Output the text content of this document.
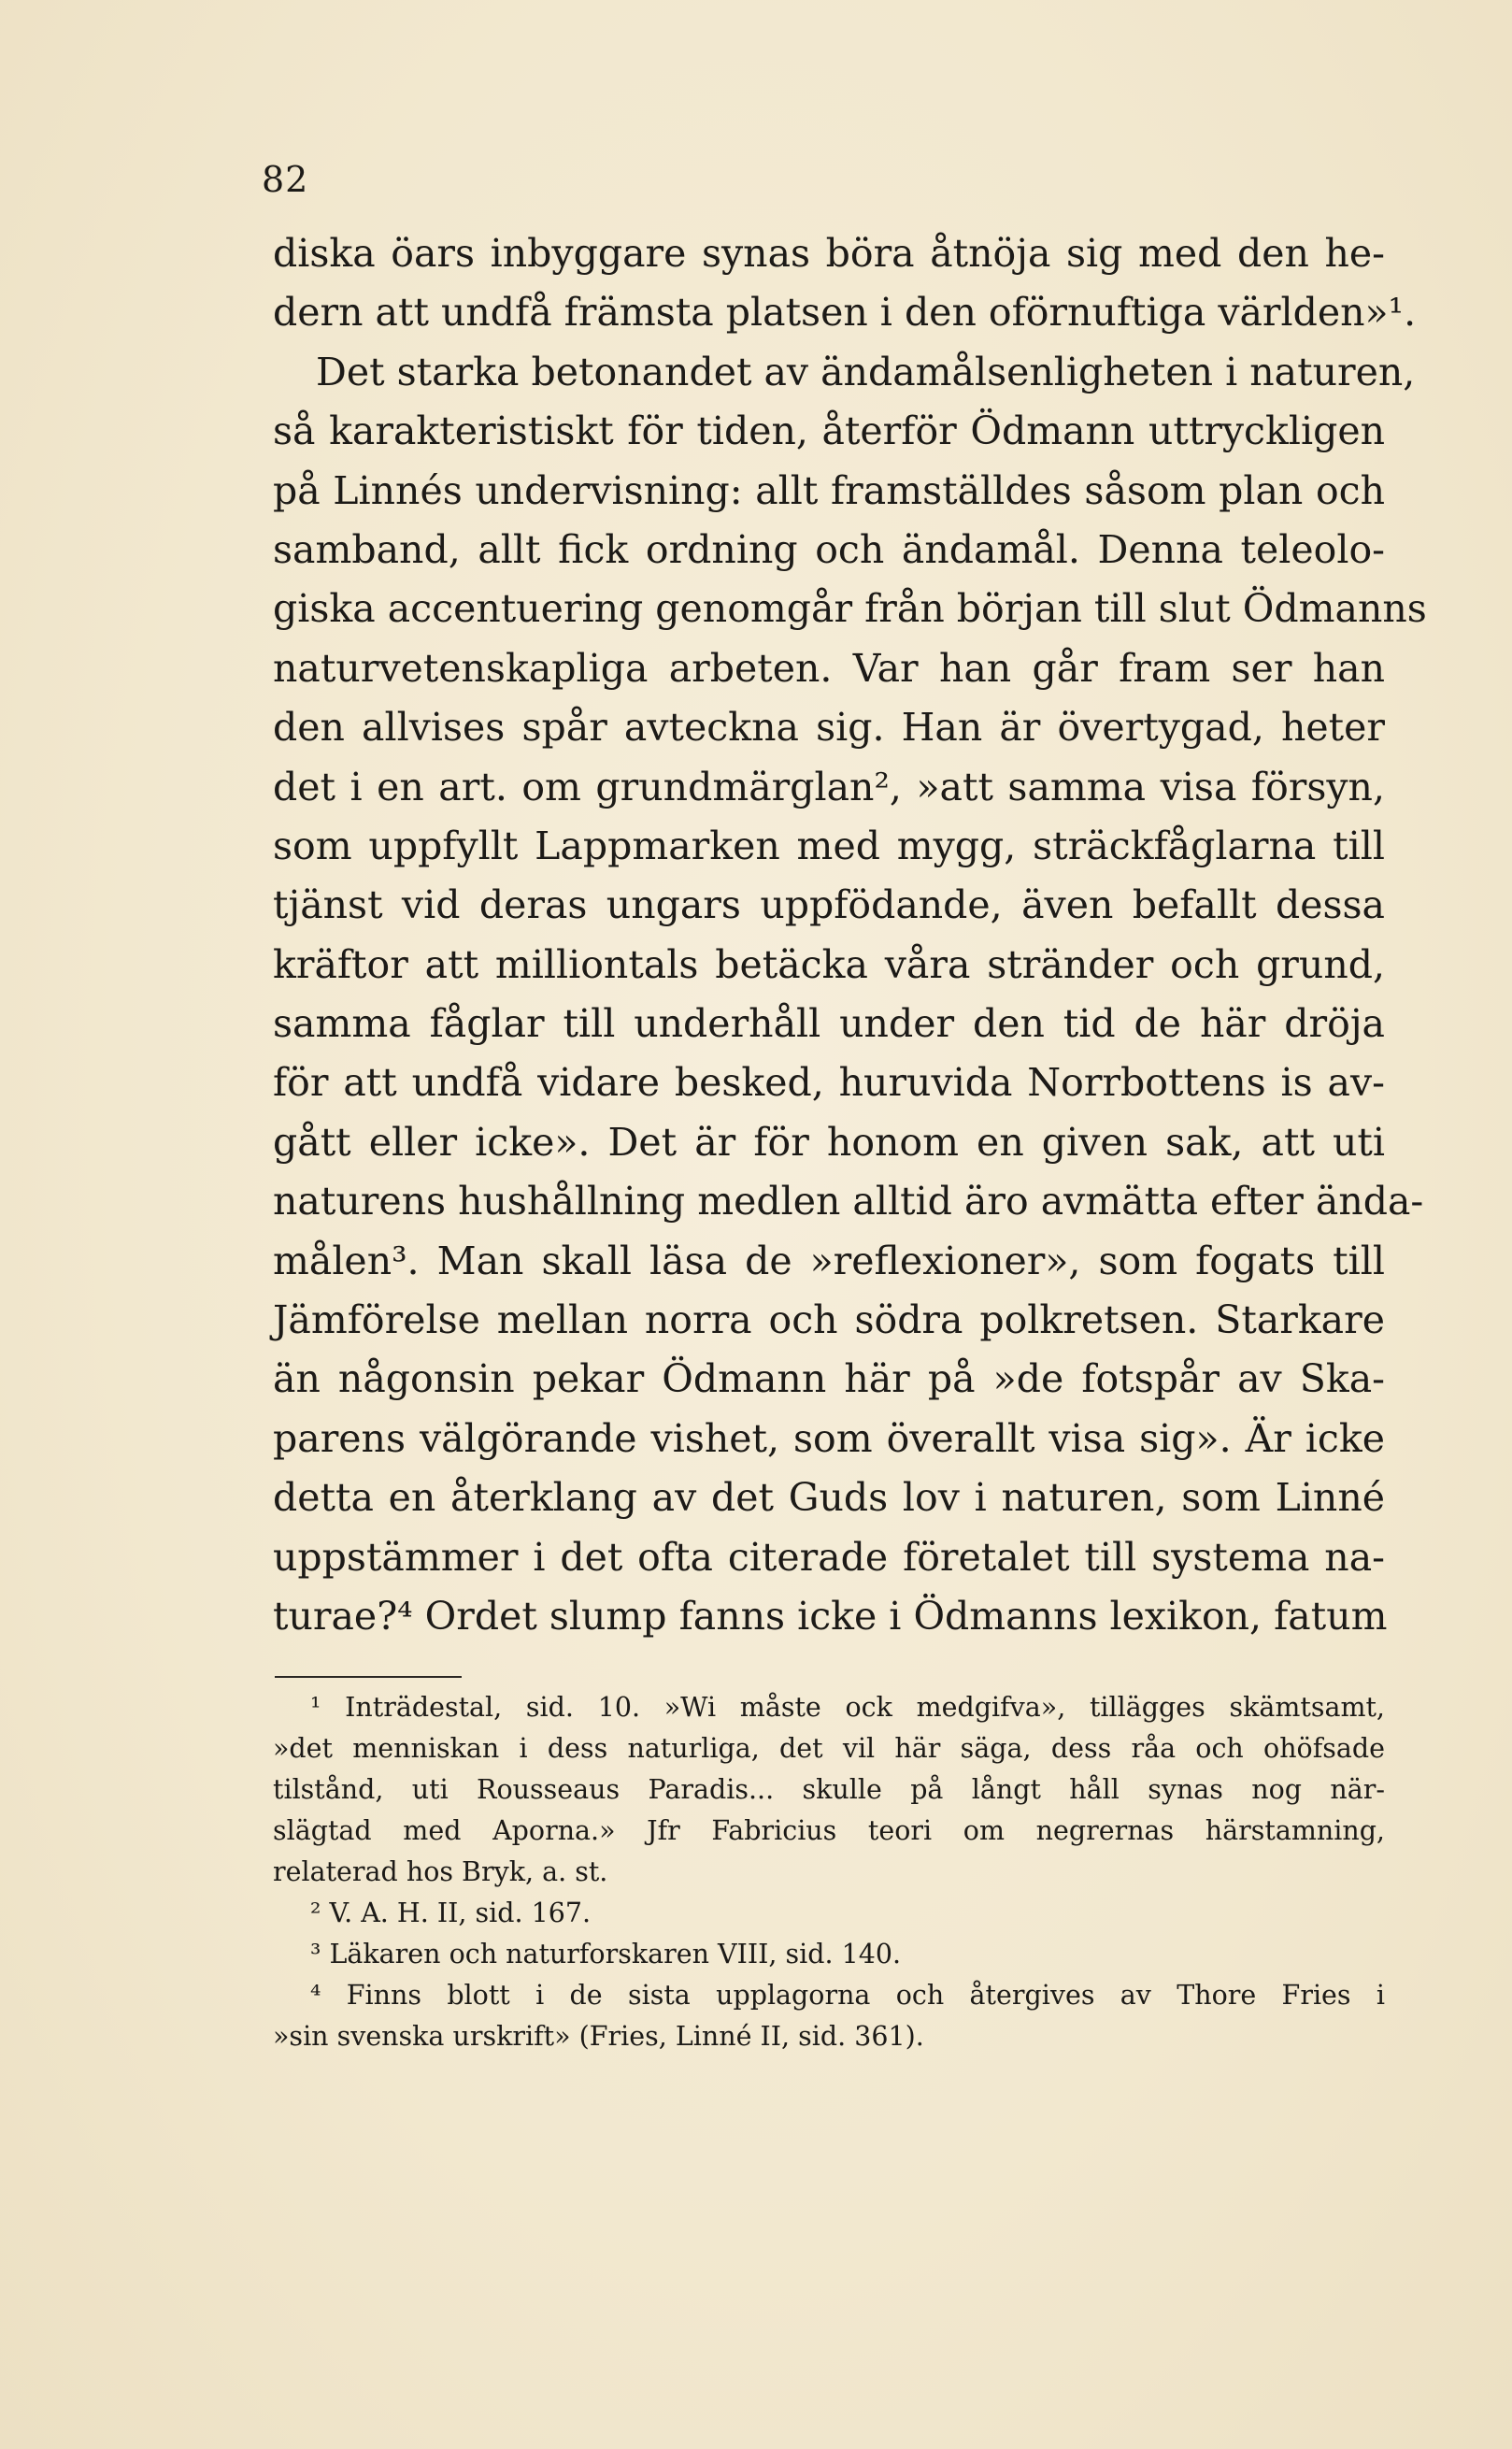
82
diska öars inbyggare synas böra åtnöja sig med den he-
dern att undfå främsta platsen i den oförnuftiga världen»¹.
Det starka betonandet av ändamålsenligheten i naturen,
så karakteristiskt för tiden, återför Ödmann uttryckligen
på Linnés undervisning: allt framställdes såsom plan och
samband, allt fick ordning och ändamål. Denna teleolo-
giska accentuering genomgår från början till slut Ödmanns
naturvetenskapliga arbeten. Var han går fram ser han
den allvises spår avteckna sig. Han är övertygad, heter
det i en art. om grundmärglan², »att samma visa försyn,
som uppfyllt Lappmarken med mygg, sträckfåglarna till
tjänst vid deras ungars uppfödande, även befallt dessa
kräftor att milliontals betäcka våra stränder och grund,
samma fåglar till underhåll under den tid de här dröja
för att undfå vidare besked, huruvida Norrbottens is av-
gått eller icke». Det är för honom en given sak, att uti
naturens hushållning medlen alltid äro avmätta efter ända-
målen³. Man skall läsa de »reflexioner», som fogats till
Jämförelse mellan norra och södra polkretsen. Starkare
än någonsin pekar Ödmann här på »de fotspår av Ska-
parens välgörande vishet, som överallt visa sig». Är icke
detta en återklang av det Guds lov i naturen, som Linné
uppstämmer i det ofta citerade företalet till systema na-
turae?⁴ Ordet slump fanns icke i Ödmanns lexikon, fatum
¹ Inträdestal, sid. 10. »Wi måste ock medgifva», tillägges skämtsamt,
»det menniskan i dess naturliga, det vil här säga, dess råa och ohöfsade
tilstånd, uti Rousseaus Paradis... skulle på långt håll synas nog när-
slägtad med Aporna.» Jfr Fabricius teori om negrernas härstamning,
relaterad hos Bryk, a. st.
² V. A. H. II, sid. 167.
³ Läkaren och naturforskaren VIII, sid. 140.
⁴ Finns blott i de sista upplagorna och återgives av Thore Fries i
»sin svenska urskrift» (Fries, Linné II, sid. 361).
